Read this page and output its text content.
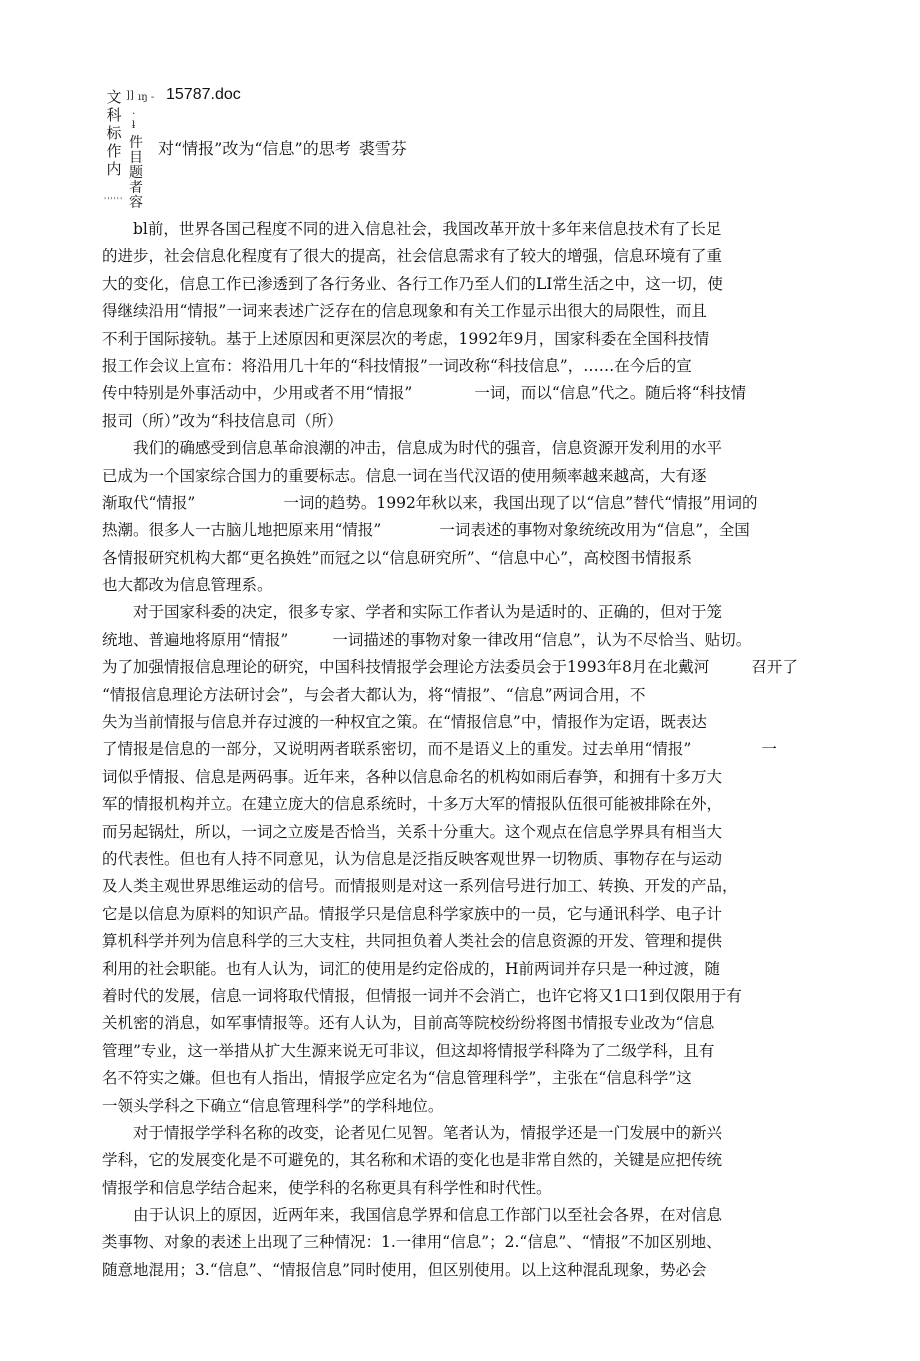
文
科
标
作
内
件
目
题
者
容
]] ıŋ -
.
ƚ
''''''
15787.doc
对“情报”改为“信息”的思考 裘雪芬
bl前，世界各国己程度不同的进入信息社会，我国改革开放十多年来信息技术有了长足
的进步，社会信息化程度有了很大的提高，社会信息需求有了较大的增强，信息环境有了重
大的变化，信息工作已渗透到了各行务业、各行工作乃至人们的LI常生活之中，这一切，使
得继续沿用“情报”一词来表述广泛存在的信息现象和有关工作显示出很大的局限性，而且
不利于国际接轨。基于上述原因和更深层次的考虑，1992年9月，国家科委在全国科技情
报工作会议上宣布：将沿用几十年的“科技情报”一词改称“科技信息”，……在今后的宣
传中特别是外事活动中，少用或者不用“情报”	一词，而以“信息”代之。随后将“科技情
报司（所）”改为“科技信息司（所）
我们的确感受到信息革命浪潮的冲击，信息成为时代的强音，信息资源开发利用的水平
已成为一个国家综合国力的重要标志。信息一词在当代汉语的使用频率越来越高，大有逐
渐取代“情报”	一词的趋势。1992年秋以来，我国出现了以“信息”替代“情报”用词的
热潮。很多人一古脑儿地把原来用“情报”	一词表述的事物对象统统改用为“信息”，全国
各情报研究机构大都“更名换姓”而冠之以“信息研究所”、“信息中心”，高校图书情报系
也大都改为信息管理系。
对于国家科委的决定，很多专家、学者和实际工作者认为是适时的、正确的，但对于笼
统地、普遍地将原用“情报”	一词描述的事物对象一律改用“信息”，认为不尽恰当、贴切。
为了加强情报信息理论的研究，中国科技情报学会理论方法委员会于1993年8月在北戴河	召开了
“情报信息理论方法研讨会”，与会者大都认为，将“情报”、“信息”两词合用，不
失为当前情报与信息并存过渡的一种权宜之策。在“情报信息”中，情报作为定语，既表达
了情报是信息的一部分，又说明两者联系密切，而不是语义上的重发。过去单用“情报”	一
词似乎情报、信息是两码事。近年来，各种以信息命名的机构如雨后春笋，和拥有十多万大
军的情报机构并立。在建立庞大的信息系统时，十多万大军的情报队伍很可能被排除在外，
而另起锅灶，所以，一词之立废是否恰当，关系十分重大。这个观点在信息学界具有相当大
的代表性。但也有人持不同意见，认为信息是泛指反映客观世界一切物质、事物存在与运动
及人类主观世界思维运动的信号。而情报则是对这一系列信号进行加工、转换、开发的产品，
它是以信息为原料的知识产品。情报学只是信息科学家族中的一员，它与通讯科学、电子计
算机科学并列为信息科学的三大支柱，共同担负着人类社会的信息资源的开发、管理和提供
利用的社会职能。也有人认为，词汇的使用是约定俗成的，H前两词并存只是一种过渡，随
着时代的发展，信息一词将取代情报，但情报一词并不会消亡，也许它将又1口1到仅限用于有
关机密的消息，如军事情报等。还有人认为，目前高等院校纷纷将图书情报专业改为“信息
管理”专业，这一举措从扩大生源来说无可非议，但这却将情报学科降为了二级学科，且有
名不符实之嫌。但也有人指出，情报学应定名为“信息管理科学”，主张在“信息科学”这
一领头学科之下确立“信息管理科学”的学科地位。
对于情报学学科名称的改变，论者见仁见智。笔者认为，情报学还是一门发展中的新兴
学科，它的发展变化是不可避免的，其名称和术语的变化也是非常自然的，关键是应把传统
情报学和信息学结合起来，使学科的名称更具有科学性和时代性。
由于认识上的原因，近两年来，我国信息学界和信息工作部门以至社会各界，在对信息
类事物、对象的表述上出现了三种情况：1.一律用“信息”；2.“信息”、“情报”不加区别地、
随意地混用；3.“信息”、“情报信息”同时使用，但区别使用。以上这种混乱现象，势必会
